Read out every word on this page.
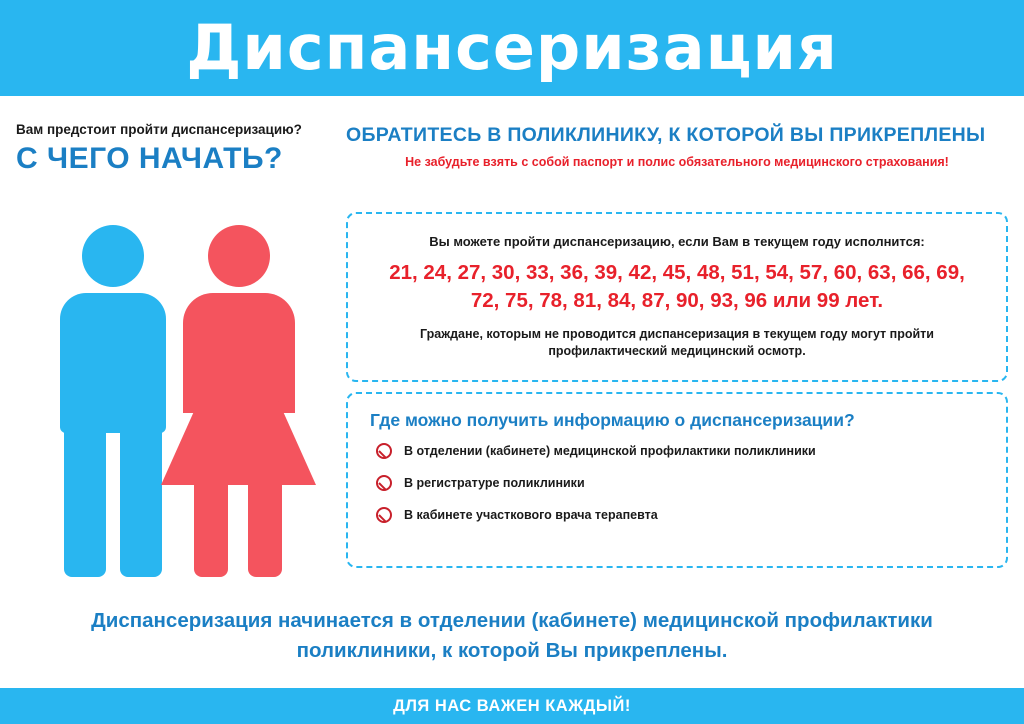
Диспансеризация
Вам предстоит пройти диспансеризацию?
С ЧЕГО НАЧАТЬ?
ОБРАТИТЕСЬ В ПОЛИКЛИНИКУ, К КОТОРОЙ ВЫ ПРИКРЕПЛЕНЫ
Не забудьте взять с собой паспорт и полис обязательного медицинского страхования!
Вы можете пройти диспансеризацию, если Вам в текущем году исполнится:
21, 24, 27, 30, 33, 36, 39, 42, 45, 48, 51, 54, 57, 60, 63, 66, 69,
72, 75, 78, 81, 84, 87, 90, 93, 96 или 99 лет.
Граждане, которым не проводится диспансеризация в текущем году могут пройти профилактический медицинский осмотр.
Где можно получить информацию о диспансеризации?
В отделении (кабинете) медицинской профилактики поликлиники
В регистратуре поликлиники
В кабинете участкового врача терапевта
Диспансеризация начинается в отделении (кабинете) медицинской профилактики
поликлиники, к которой Вы прикреплены.
ДЛЯ НАС ВАЖЕН КАЖДЫЙ!
